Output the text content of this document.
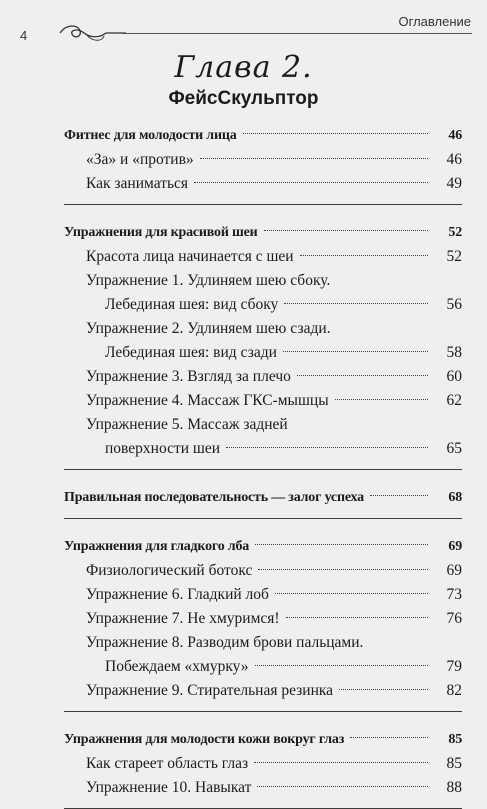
4
Оглавление
Глава 2.
ФейсСкульптор
Фитнес для молодости лица	46
«За» и «против»	46
Как заниматься	49
Упражнения для красивой шеи	52
Красота лица начинается с шеи	52
Упражнение 1. Удлиняем шею сбоку.
Лебединая шея: вид сбоку	56
Упражнение 2. Удлиняем шею сзади.
Лебединая шея: вид сзади	58
Упражнение 3. Взгляд за плечо	60
Упражнение 4. Массаж ГКС-мышцы	62
Упражнение 5. Массаж задней
поверхности шеи	65
Правильная последовательность — залог успеха	68
Упражнения для гладкого лба	69
Физиологический ботокс	69
Упражнение 6. Гладкий лоб	73
Упражнение 7. Не хмуримся!	76
Упражнение 8. Разводим брови пальцами.
Побеждаем «хмурку»	79
Упражнение 9. Стирательная резинка	82
Упражнения для молодости кожи вокруг глаз	85
Как стареет область глаз	85
Упражнение 10. Навыкат	88
